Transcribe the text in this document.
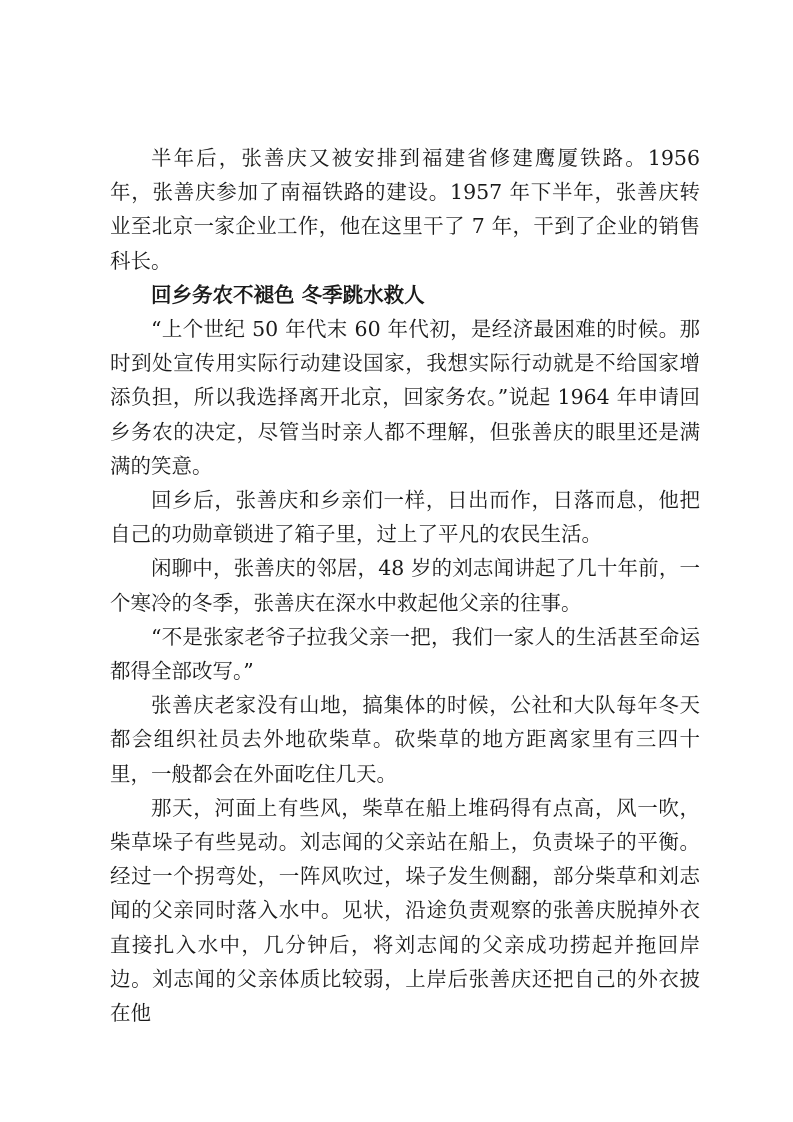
半年后，张善庆又被安排到福建省修建鹰厦铁路。1956 年，张善庆参加了南福铁路的建设。1957 年下半年，张善庆转业至北京一家企业工作，他在这里干了 7 年，干到了企业的销售科长。

回乡务农不褪色 冬季跳水救人

“上个世纪 50 年代末 60 年代初，是经济最困难的时候。那时到处宣传用实际行动建设国家，我想实际行动就是不给国家增添负担，所以我选择离开北京，回家务农。”说起 1964 年申请回乡务农的决定，尽管当时亲人都不理解，但张善庆的眼里还是满满的笑意。

回乡后，张善庆和乡亲们一样，日出而作，日落而息，他把自己的功勋章锁进了箱子里，过上了平凡的农民生活。

闲聊中，张善庆的邻居，48 岁的刘志闻讲起了几十年前，一个寒冷的冬季，张善庆在深水中救起他父亲的往事。

“不是张家老爷子拉我父亲一把，我们一家人的生活甚至命运都得全部改写。”

张善庆老家没有山地，搞集体的时候，公社和大队每年冬天都会组织社员去外地砍柴草。砍柴草的地方距离家里有三四十里，一般都会在外面吃住几天。

那天，河面上有些风，柴草在船上堆码得有点高，风一吹，柴草垛子有些晃动。刘志闻的父亲站在船上，负责垛子的平衡。经过一个拐弯处，一阵风吹过，垛子发生侧翻，部分柴草和刘志闻的父亲同时落入水中。见状，沿途负责观察的张善庆脱掉外衣直接扎入水中，几分钟后，将刘志闻的父亲成功捞起并拖回岸边。刘志闻的父亲体质比较弱，上岸后张善庆还把自己的外衣披在他
